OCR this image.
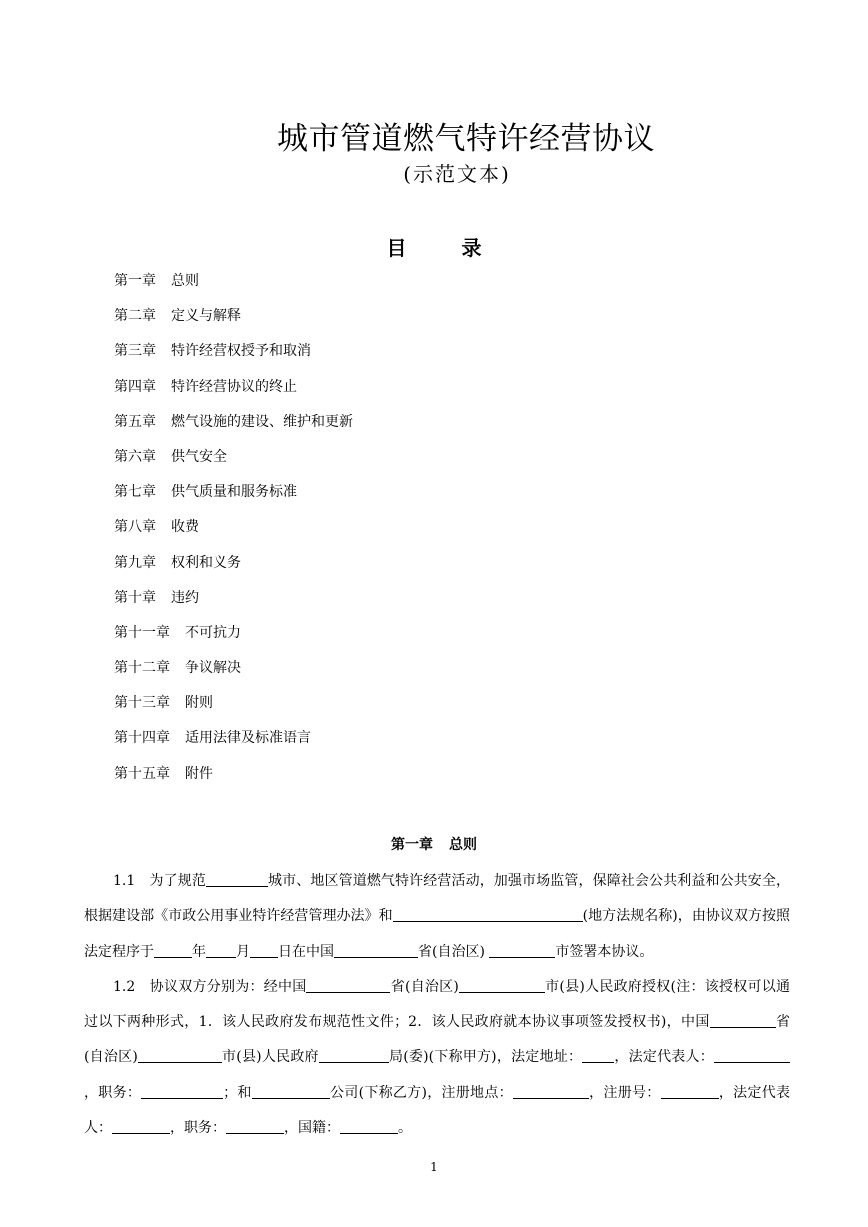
城市管道燃气特许经营协议
(示范文本)
目 录
第一章 总则
第二章 定义与解释
第三章 特许经营权授予和取消
第四章 特许经营协议的终止
第五章 燃气设施的建设、维护和更新
第六章 供气安全
第七章 供气质量和服务标准
第八章 收费
第九章 权利和义务
第十章 违约
第十一章 不可抗力
第十二章 争议解决
第十三章 附则
第十四章 适用法律及标准语言
第十五章 附件
第一章 总则

1.1　为了规范	城市、地区管道燃气特许经营活动，加强市场监管，保障社会公共利益和公共安全，根据建设部《市政公用事业特许经营管理办法》和	(地方法规名称)，由协议双方按照法定程序于	年 月 日在中国	省(自治区)	市签署本协议。

1.2　协议双方分别为：经中国	省(自治区)	市(县)人民政府授权(注：该授权可以通过以下两种形式，1．该人民政府发布规范性文件；2．该人民政府就本协议事项签发授权书)，中国	省(自治区)	市(县)人民政府	局(委)(下称甲方)，法定地址： ，法定代表人：，职务：	；和	公司(下称乙方)，注册地点：	，注册号：	，法定代表人：	，职务：	，国籍：	。

1
